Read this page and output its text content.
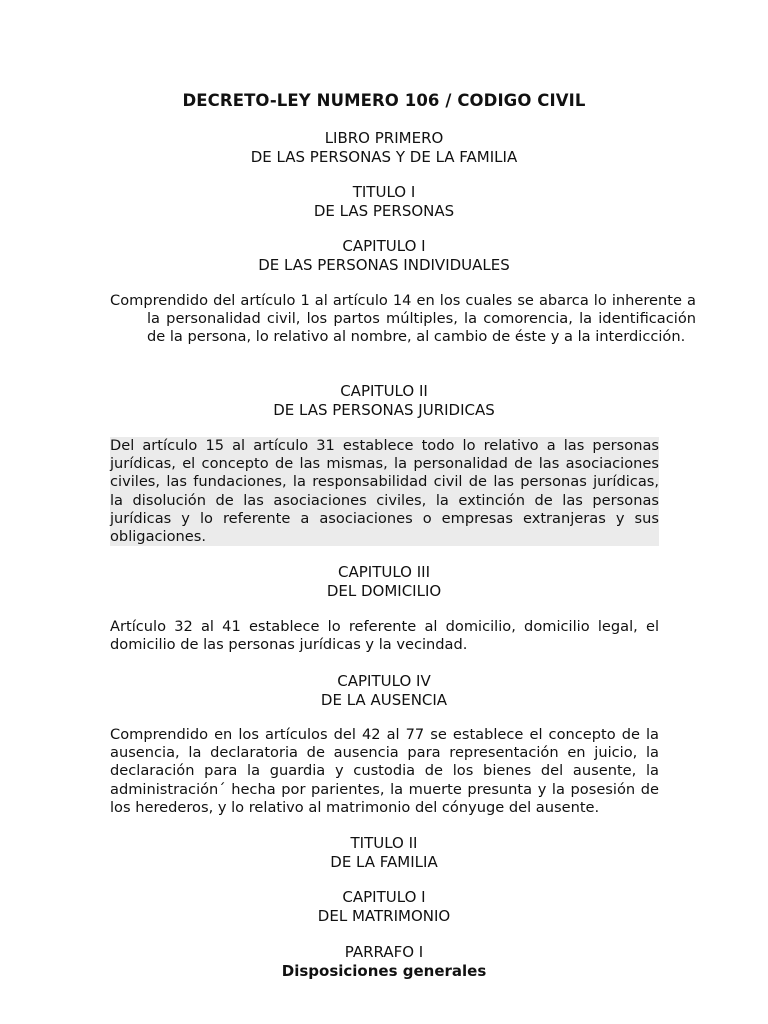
DECRETO-LEY NUMERO 106 / CODIGO CIVIL
LIBRO PRIMERO
DE LAS PERSONAS Y DE LA FAMILIA
TITULO I
DE LAS PERSONAS
CAPITULO I
DE LAS PERSONAS INDIVIDUALES
Comprendido del artículo 1 al artículo 14 en los cuales se abarca lo inherente a la personalidad civil, los partos múltiples, la comorencia, la identificación de la persona, lo relativo al nombre, al cambio de éste y a la interdicción.
CAPITULO II
DE LAS PERSONAS JURIDICAS
Del artículo 15 al artículo 31 establece todo lo relativo a las personas jurídicas, el concepto de las mismas, la personalidad de las asociaciones civiles, las fundaciones, la responsabilidad civil de las personas jurídicas, la disolución de las asociaciones civiles, la extinción de las personas jurídicas y lo referente a asociaciones o empresas extranjeras y sus obligaciones.
CAPITULO III
DEL DOMICILIO
Artículo 32 al 41 establece lo referente al domicilio, domicilio legal, el domicilio de las personas jurídicas y la vecindad.
CAPITULO IV
DE LA AUSENCIA
Comprendido en los artículos del 42 al 77 se establece el concepto de la ausencia, la declaratoria de ausencia para representación en juicio, la declaración para la guardia y custodia de los bienes del ausente, la administración´ hecha por parientes, la muerte presunta y la posesión de los herederos, y lo relativo al matrimonio del cónyuge del ausente.
TITULO II
DE LA FAMILIA
CAPITULO I
DEL MATRIMONIO
PARRAFO I
Disposiciones generales
